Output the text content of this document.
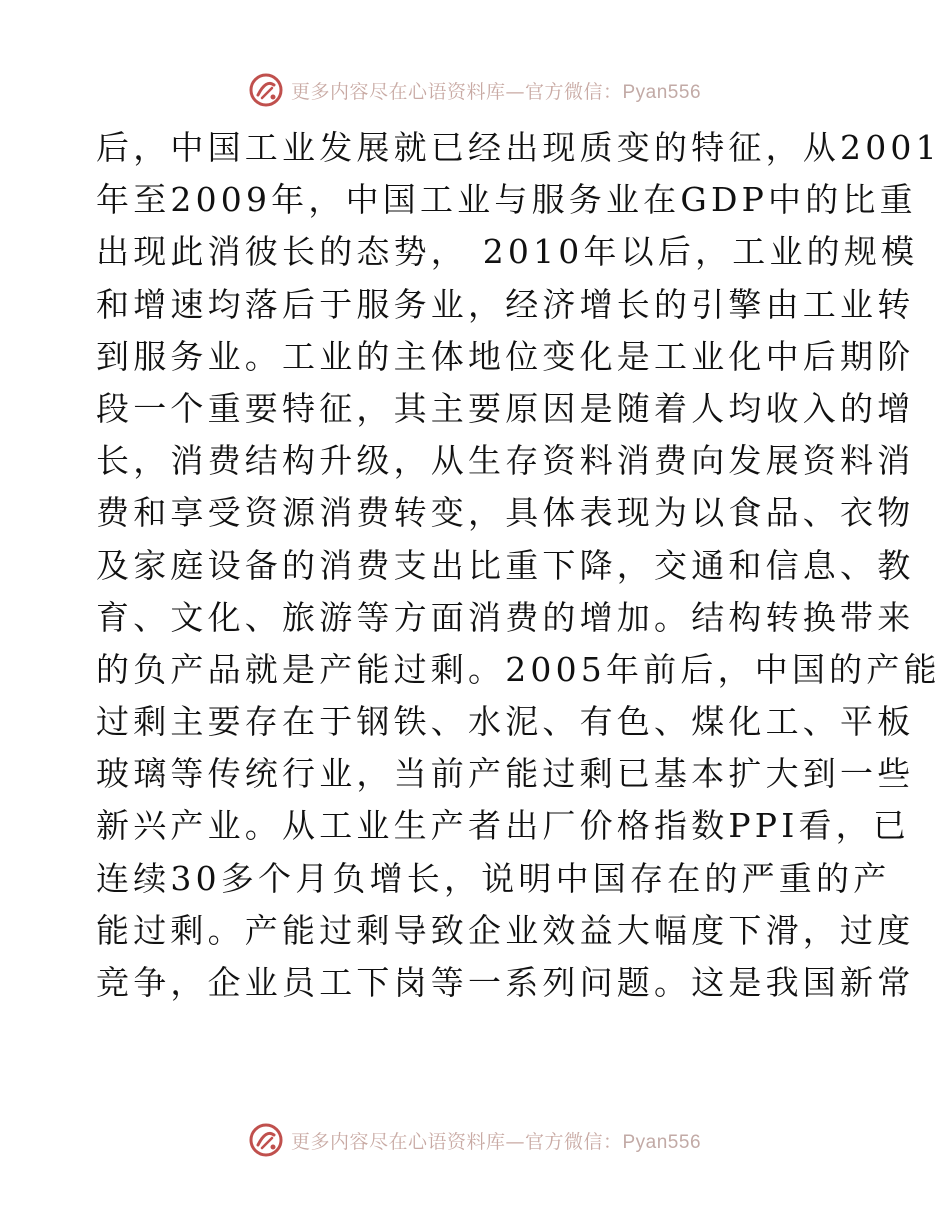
更多内容尽在心语资料库—官方微信：Pyan556
后，中国工业发展就已经出现质变的特征，从2001
年至2009年，中国工业与服务业在GDP中的比重
出现此消彼长的态势， 2010年以后，工业的规模
和增速均落后于服务业，经济增长的引擎由工业转
到服务业。工业的主体地位变化是工业化中后期阶
段一个重要特征，其主要原因是随着人均收入的增
长，消费结构升级，从生存资料消费向发展资料消
费和享受资源消费转变，具体表现为以食品、衣物
及家庭设备的消费支出比重下降，交通和信息、教
育、文化、旅游等方面消费的增加。结构转换带来
的负产品就是产能过剩。2005年前后，中国的产能
过剩主要存在于钢铁、水泥、有色、煤化工、平板
玻璃等传统行业，当前产能过剩已基本扩大到一些
新兴产业。从工业生产者出厂价格指数PPI看，已
连续30多个月负增长，说明中国存在的严重的产
能过剩。产能过剩导致企业效益大幅度下滑，过度
竞争，企业员工下岗等一系列问题。这是我国新常
更多内容尽在心语资料库—官方微信：Pyan556
